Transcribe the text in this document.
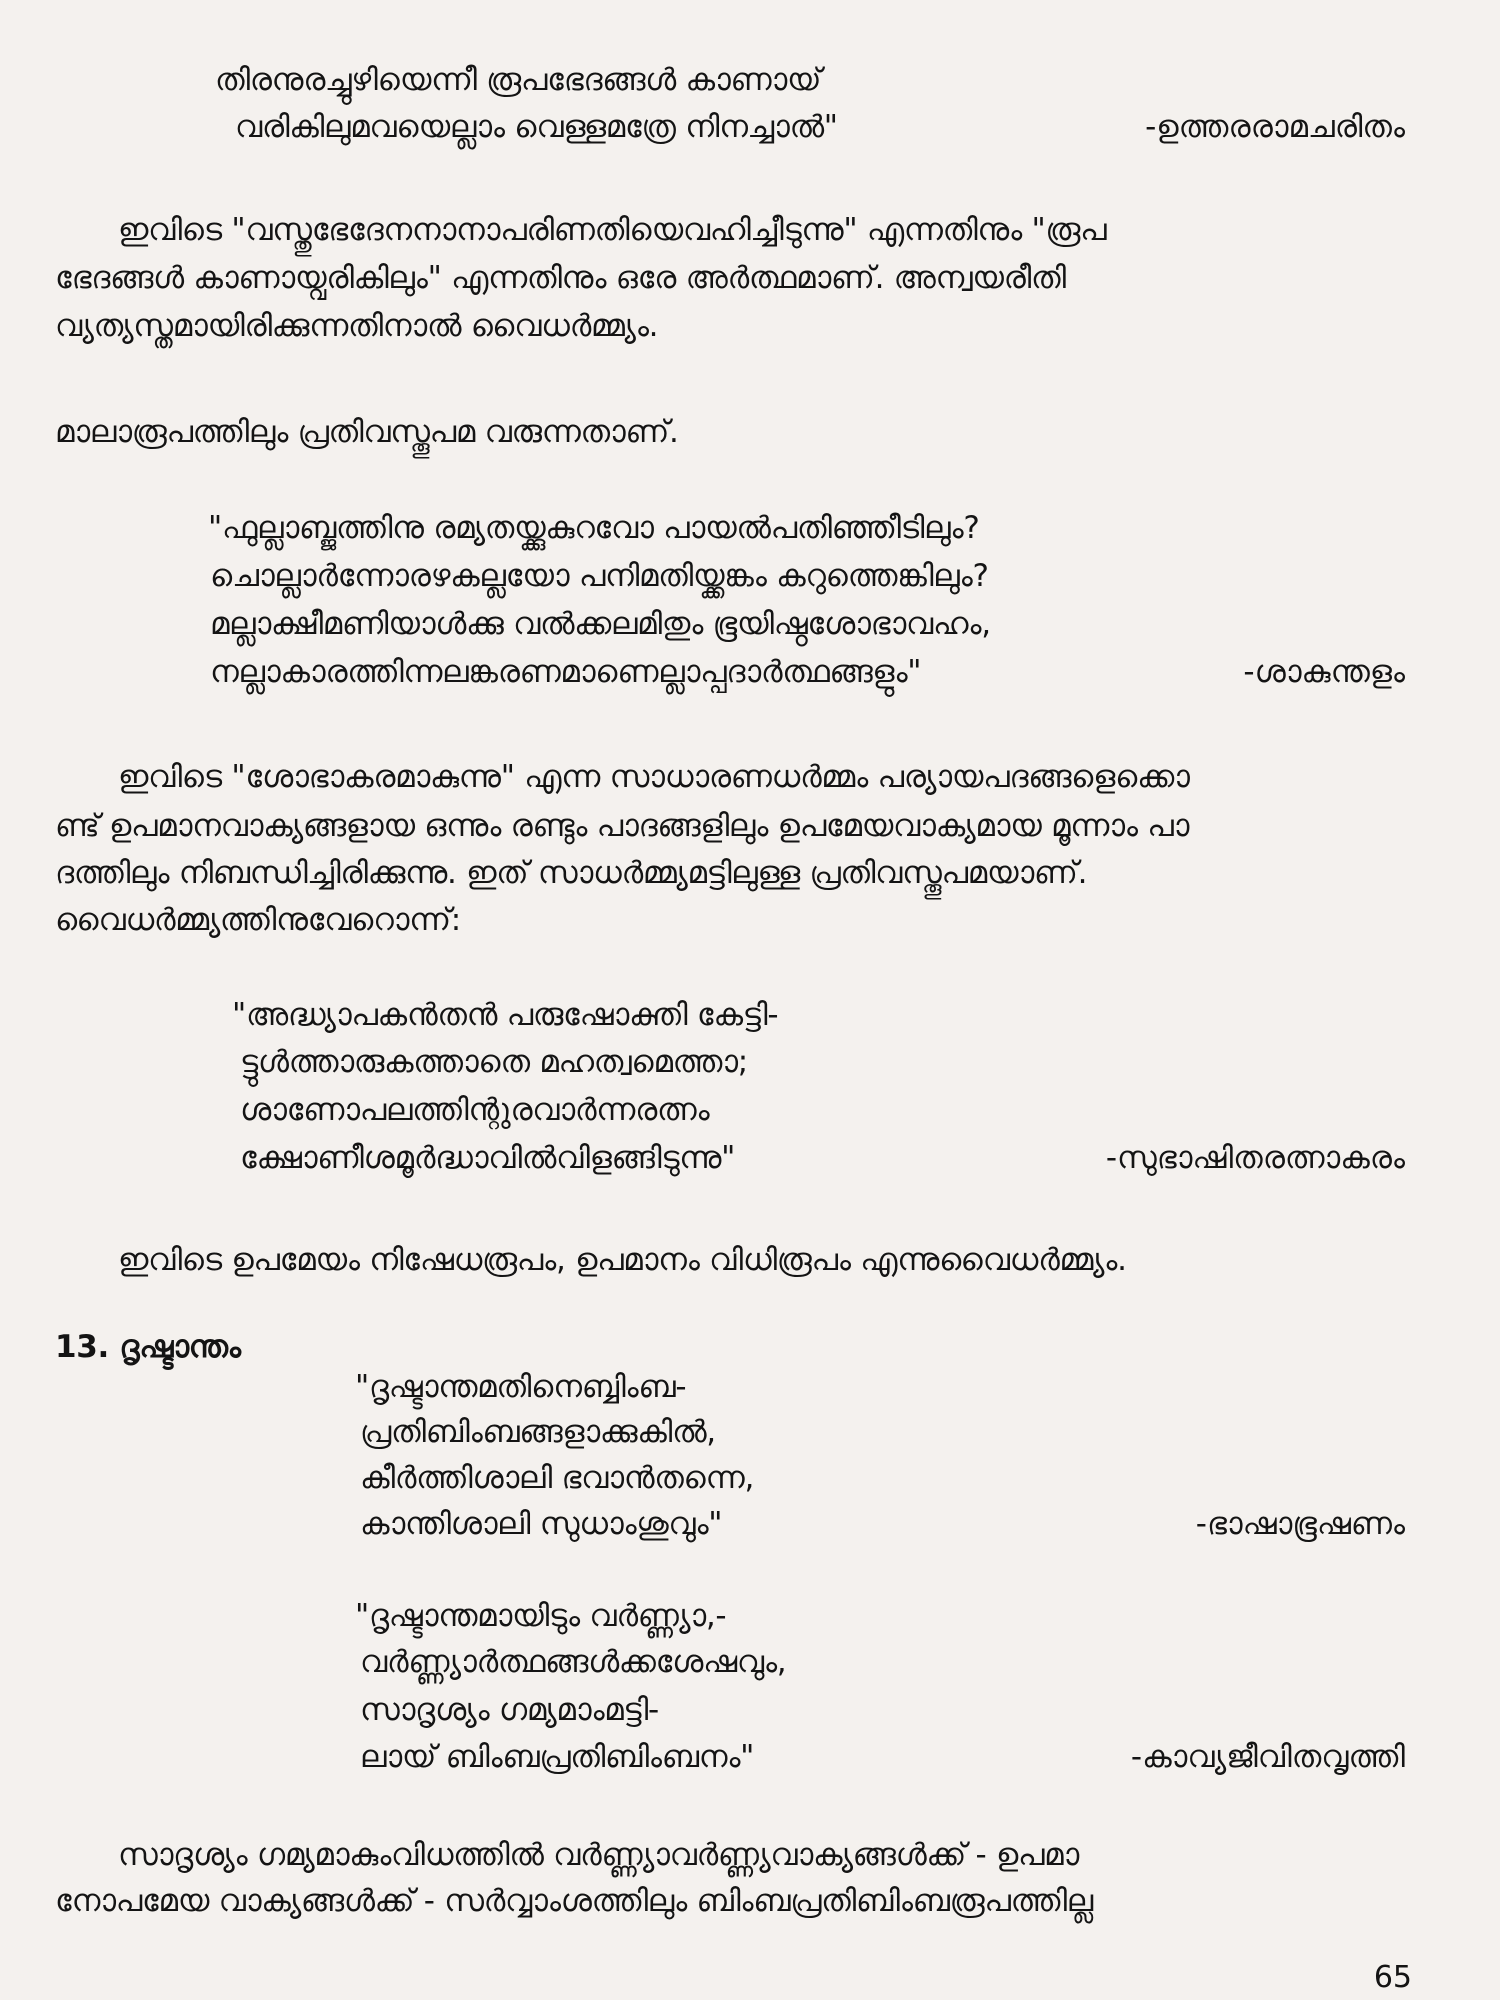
തിരനുരച്ചുഴിയെന്നീ രൂപഭേദങ്ങൾ കാണായ്

വരികിലുമവയെല്ലാം വെള്ളമത്രേ നിനച്ചാൽ"	-ഉത്തരരാമചരിതം

ഇവിടെ "വസ്തുഭേദേനനാനാപരിണതിയെവഹിച്ചീടുന്നു" എന്നതിനും "രൂപ

ഭേദങ്ങൾ കാണായ്വരികിലും" എന്നതിനും ഒരേ അർത്ഥമാണ്. അന്വയരീതി

വ്യത്യസ്തമായിരിക്കുന്നതിനാൽ വൈധർമ്മ്യം.

മാലാരൂപത്തിലും പ്രതിവസ്തൂപമ വരുന്നതാണ്.

"ഫുല്ലാബ്ജത്തിനു രമ്യതയ്ക്കുകുറവോ പായൽപതിഞ്ഞീടിലും?

ചൊല്ലാർന്നോരഴകല്ലയോ പനിമതിയ്ക്കങ്കം കറുത്തെങ്കിലും?

മല്ലാക്ഷീമണിയാൾക്കു വൽക്കലമിതും ഭൂയിഷ്ഠശോഭാവഹം,

നല്ലാകാരത്തിന്നലങ്കരണമാണെല്ലാപ്പദാർത്ഥങ്ങളും"	-ശാകുന്തളം

ഇവിടെ "ശോഭാകരമാകുന്നു" എന്ന സാധാരണധർമ്മം പര്യായപദങ്ങളെക്കൊ

ണ്ട് ഉപമാനവാക്യങ്ങളായ ഒന്നും രണ്ടും പാദങ്ങളിലും ഉപമേയവാക്യമായ മൂന്നാം പാ

ദത്തിലും നിബന്ധിച്ചിരിക്കുന്നു. ഇത് സാധർമ്മ്യമട്ടിലുള്ള പ്രതിവസ്തൂപമയാണ്.

വൈധർമ്മ്യത്തിനുവേറൊന്ന്:

"അദ്ധ്യാപകൻതൻ പരുഷോക്തി കേട്ടി-

ട്ടുൾത്താരുകത്താതെ മഹത്വമെത്താ;

ശാണോപലത്തിന്റുരവാർന്നരത്നം

ക്ഷോണീശമൂർദ്ധാവിൽവിളങ്ങിടുന്നു"	-സുഭാഷിതരത്നാകരം

ഇവിടെ ഉപമേയം നിഷേധരൂപം, ഉപമാനം വിധിരൂപം എന്നുവൈധർമ്മ്യം.

13. ദൃഷ്ടാന്തം

"ദൃഷ്ടാന്തമതിനെബ്ബിംബ-

പ്രതിബിംബങ്ങളാക്കുകിൽ,

കീർത്തിശാലി ഭവാൻതന്നെ,

കാന്തിശാലി സുധാംശുവും"	-ഭാഷാഭൂഷണം

"ദൃഷ്ടാന്തമായിടും വർണ്ണ്യാ,-

വർണ്ണ്യാർത്ഥങ്ങൾക്കശേഷവും,

സാദൃശ്യം ഗമ്യമാംമട്ടി-

ലായ് ബിംബപ്രതിബിംബനം"	-കാവ്യജീവിതവൃത്തി

സാദൃശ്യം ഗമ്യമാകുംവിധത്തിൽ വർണ്ണ്യാവർണ്ണ്യവാക്യങ്ങൾക്ക് - ഉപമാ

നോപമേയ വാക്യങ്ങൾക്ക് - സർവ്വാംശത്തിലും ബിംബപ്രതിബിംബരൂപത്തില്ല

65
